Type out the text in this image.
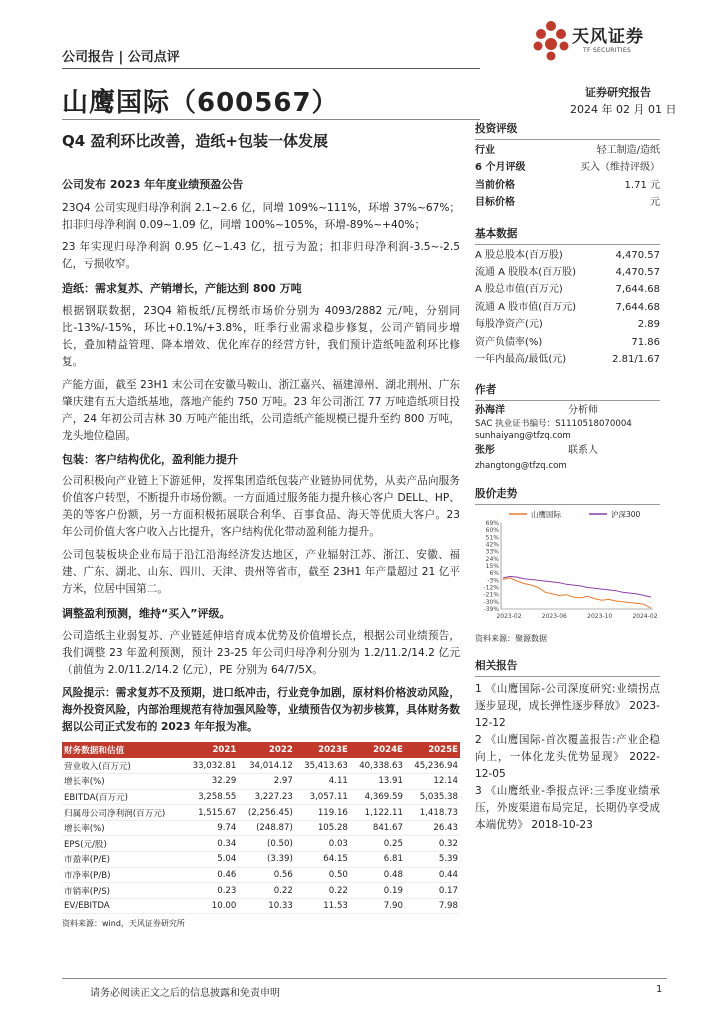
公司报告 | 公司点评
天风证券
TF SECURITIES
证券研究报告
2024 年 02 月 01 日
山鹰国际（600567）
Q4 盈利环比改善，造纸+包装一体发展
公司发布 2023 年年度业绩预盈公告
23Q4 公司实现归母净利润 2.1~2.6 亿，同增 109%~111%，环增 37%~67%；扣非归母净利润 0.09~1.09 亿，同增 100%~105%，环增-89%~+40%；
23 年实现归母净利润 0.95 亿~1.43 亿，扭亏为盈；扣非归母净利润-3.5~-2.5 亿，亏损收窄。
造纸：需求复苏、产销增长，产能达到 800 万吨
根据钢联数据，23Q4 箱板纸/瓦楞纸市场价分别为 4093/2882 元/吨，分别同比-13%/-15%，环比+0.1%/+3.8%，旺季行业需求稳步修复，公司产销同步增长，叠加精益管理、降本增效、优化库存的经营方针，我们预计造纸吨盈利环比修复。
产能方面，截至 23H1 末公司在安徽马鞍山、浙江嘉兴、福建漳州、湖北荆州、广东肇庆建有五大造纸基地，落地产能约 750 万吨。23 年公司浙江 77 万吨造纸项目投产，24 年初公司吉林 30 万吨产能出纸，公司造纸产能规模已提升至约 800 万吨，龙头地位稳固。
包装：客户结构优化，盈利能力提升
公司积极向产业链上下游延伸，发挥集团造纸包装产业链协同优势，从卖产品向服务价值客户转型，不断提升市场份额。一方面通过服务能力提升核心客户 DELL、HP、美的等客户份额，另一方面积极拓展联合利华、百事食品、海天等优质大客户。23 年公司价值大客户收入占比提升，客户结构优化带动盈利能力提升。
公司包装板块企业布局于沿江沿海经济发达地区，产业辐射江苏、浙江、安徽、福建、广东、湖北、山东、四川、天津、贵州等省市，截至 23H1 年产量超过 21 亿平方米，位居中国第二。
调整盈利预测，维持“买入”评级。
公司造纸主业弱复苏、产业链延伸培育成本优势及价值增长点，根据公司业绩预告，我们调整 23 年盈利预测，预计 23-25 年公司归母净利分别为 1.2/11.2/14.2 亿元（前值为 2.0/11.2/14.2 亿元），PE 分别为 64/7/5X。
风险提示：需求复苏不及预期，进口纸冲击，行业竞争加剧，原材料价格波动风险，海外投资风险，内部治理规范有待加强风险等，业绩预告仅为初步核算，具体财务数据以公司正式发布的 2023 年年报为准。
财务数据和估值	2021	2022	2023E	2024E	2025E
营业收入(百万元)	33,032.81	34,014.12	35,413.63	40,338.63	45,236.94
增长率(%)	32.29	2.97	4.11	13.91	12.14
EBITDA(百万元)	3,258.55	3,227.23	3,057.11	4,369.59	5,035.38
归属母公司净利润(百万元)	1,515.67	(2,256.45)	119.16	1,122.11	1,418.73
增长率(%)	9.74	(248.87)	105.28	841.67	26.43
EPS(元/股)	0.34	(0.50)	0.03	0.25	0.32
市盈率(P/E)	5.04	(3.39)	64.15	6.81	5.39
市净率(P/B)	0.46	0.56	0.50	0.48	0.44
市销率(P/S)	0.23	0.22	0.22	0.19	0.17
EV/EBITDA	10.00	10.33	11.53	7.90	7.98
资料来源：wind，天风证券研究所
投资评级
行业	轻工制造/造纸
6 个月评级	买入（维持评级）
当前价格	1.71 元
目标价格	元
基本数据
A 股总股本(百万股)	4,470.57
流通 A 股股本(百万股)	4,470.57
A 股总市值(百万元)	7,644.68
流通 A 股市值(百万元)	7,644.68
每股净资产(元)	2.89
资产负债率(%)	71.86
一年内最高/最低(元)	2.81/1.67
作者
孙海洋	分析师
SAC 执业证书编号：S1110518070004
sunhaiyang@tfzq.com
张彤	联系人
zhangtong@tfzq.com
股价走势
山鹰国际	沪深300
69%
60%
51%
42%
33%
24%
15%
6%
-3%
-12%
-21%
-30%
-39%
2023-02	2023-06	2023-10	2024-02
资料来源：聚源数据
相关报告
1 《山鹰国际-公司深度研究:业绩拐点逐步显现，成长弹性逐步释放》 2023-12-12
2 《山鹰国际-首次覆盖报告:产业企稳向上，一体化龙头优势显现》 2022-12-05
3 《山鹰纸业-季报点评:三季度业绩承压，外废渠道布局完足，长期仍享受成本端优势》 2018-10-23
请务必阅读正文之后的信息披露和免责申明	1
